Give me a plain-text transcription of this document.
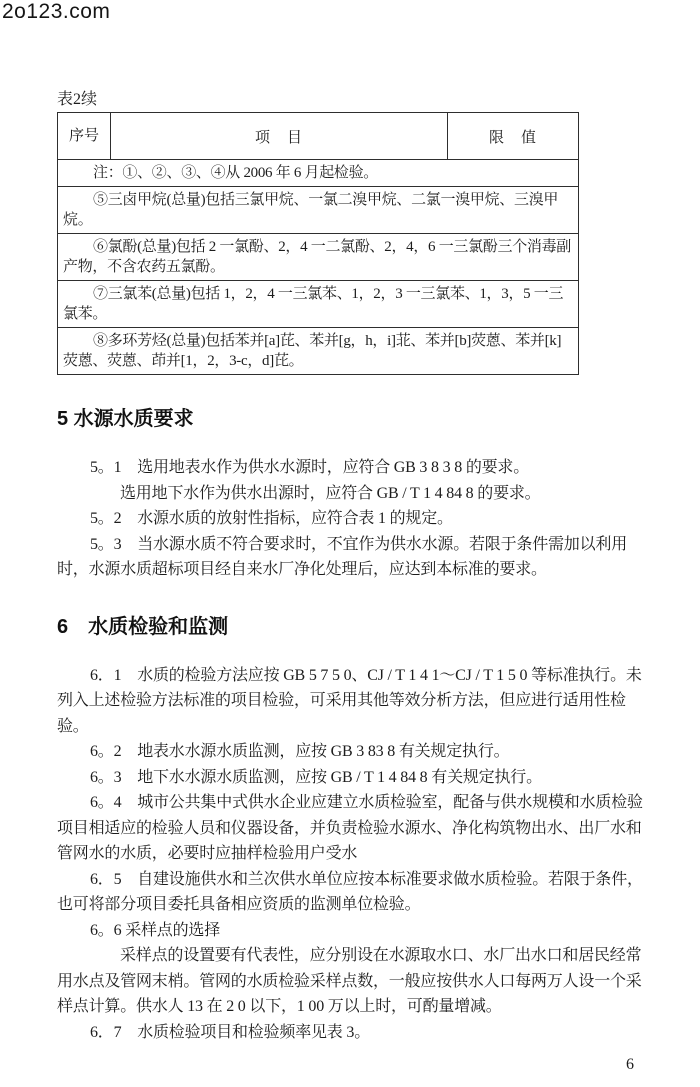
2o123.com
表2续
序号	项　目	限　值
注：①、②、③、④从 2006 年 6 月起检验。
⑤三卤甲烷(总量)包括三氯甲烷、一氯二溴甲烷、二氯一溴甲烷、三溴甲烷。
⑥氯酚(总量)包括 2 一氯酚、2，4 一二氯酚、2，4，6 一三氯酚三个消毒副产物，不含农药五氯酚。
⑦三氯苯(总量)包括 1，2，4 一三氯苯、1，2，3 一三氯苯、1，3，5 一三氯苯。
⑧多环芳烃(总量)包括苯并[a]芘、苯并[g，h，i]苝、苯并[b]荧蒽、苯并[k]荧蒽、荧蒽、茚并[1，2，3-c，d]芘。
5 水源水质要求

5。1　选用地表水作为供水水源时，应符合 GB 3 8 3 8 的要求。

选用地下水作为供水出源时，应符合 GB / T 1 4 84 8 的要求。

5。2　水源水质的放射性指标，应符合表 1 的规定。

5。3　当水源水质不符合要求时，不宜作为供水水源。若限于条件需加以利用时，水源水质超标项目经自来水厂净化处理后，应达到本标准的要求。

6　水质检验和监测

6．1　水质的检验方法应按 GB 5 7 5 0、CJ / T 1 4 1～CJ / T 1 5 0 等标准执行。未列入上述检验方法标准的项目检验，可采用其他等效分析方法，但应进行适用性检验。

6。2　地表水水源水质监测，应按 GB 3 83 8 有关规定执行。

6。3　地下水水源水质监测，应按 GB / T 1 4 84 8 有关规定执行。

6。4　城市公共集中式供水企业应建立水质检验室，配备与供水规模和水质检验项目相适应的检验人员和仪器设备，并负责检验水源水、净化构筑物出水、出厂水和管网水的水质，必要时应抽样检验用户受水

6．5　自建设施供水和兰次供水单位应按本标准要求做水质检验。若限于条件，也可将部分项目委托具备相应资质的监测单位检验。

6。6 采样点的选择

采样点的设置要有代表性，应分别设在水源取水口、水厂出水口和居民经常用水点及管网末梢。管网的水质检验采样点数，一般应按供水人口每两万人设一个采样点计算。供水人 13 在 2 0 以下，1 00 万以上时，可酌量增减。

6．7　水质检验项目和检验频率见表 3。

6
